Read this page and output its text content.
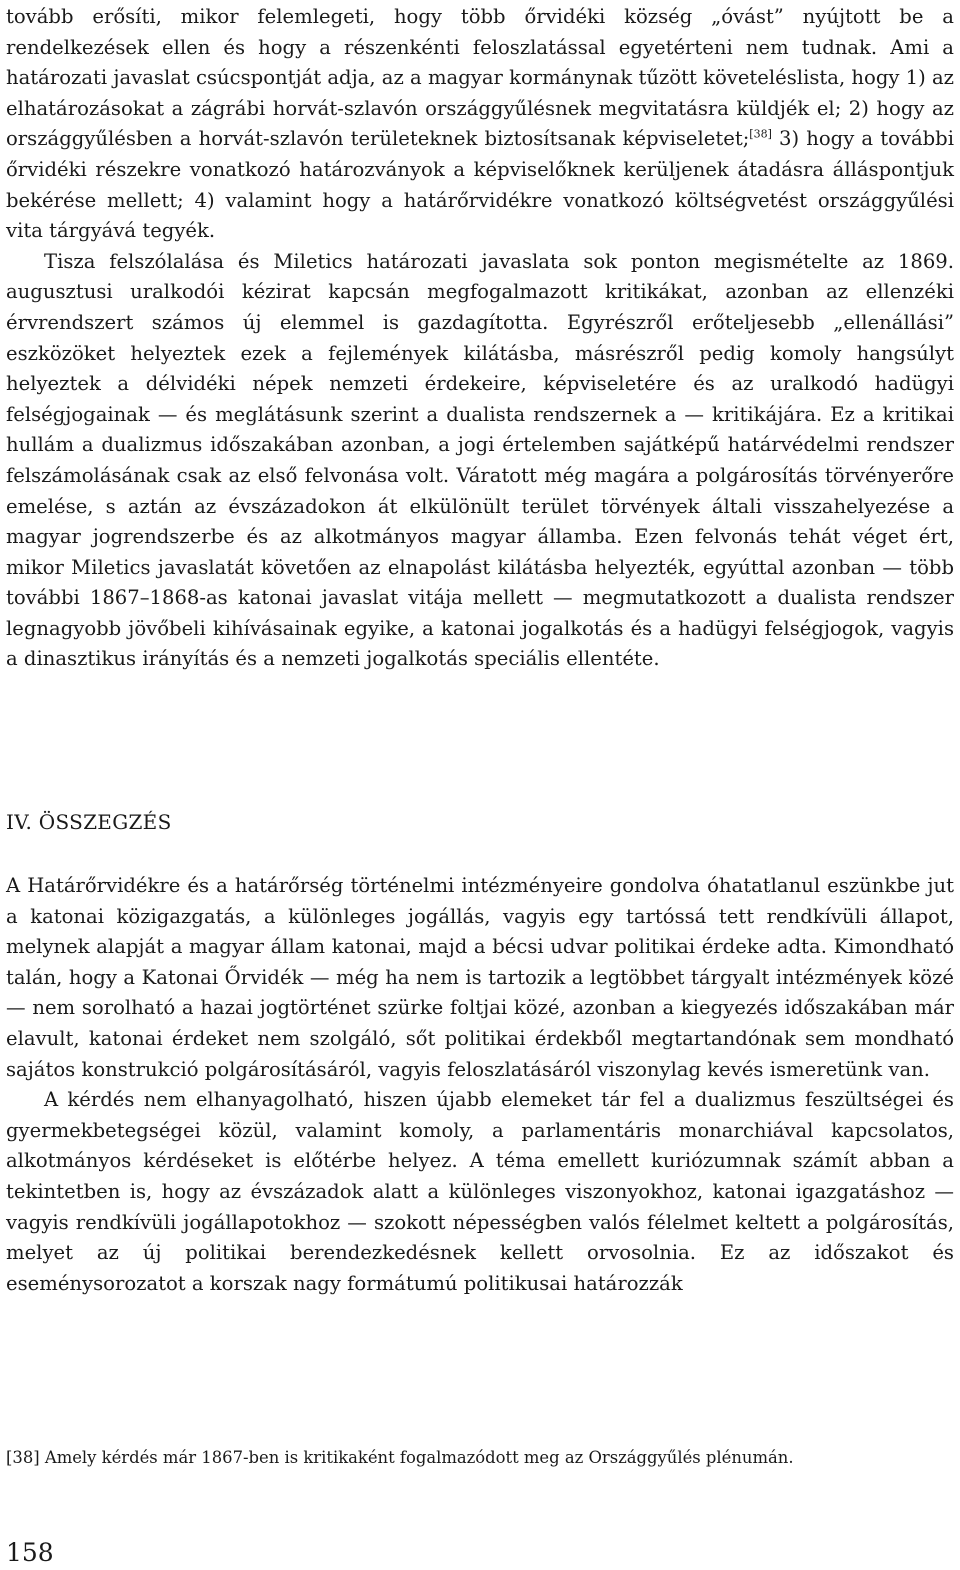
tovább erősíti, mikor felemlegeti, hogy több őrvidéki község „óvást” nyújtott be a rendelkezések ellen és hogy a részenkénti feloszlatással egyetérteni nem tudnak. Ami a határozati javaslat csúcspontját adja, az a magyar kormánynak tűzött követeléslista, hogy 1) az elhatározásokat a zágrábi horvát-szlavón országgyűlésnek megvitatásra küldjék el; 2) hogy az országgyűlésben a horvát-szlavón területeknek biztosítsanak képviseletet;[38] 3) hogy a további őrvidéki részekre vonatkozó határozványok a képviselőknek kerüljenek átadásra álláspontjuk bekérése mellett; 4) valamint hogy a határőrvidékre vonatkozó költségvetést országgyűlési vita tárgyává tegyék.

Tisza felszólalása és Miletics határozati javaslata sok ponton megismételte az 1869. augusztusi uralkodói kézirat kapcsán megfogalmazott kritikákat, azonban az ellenzéki érvrendszert számos új elemmel is gazdagította. Egyrészről erőteljesebb „ellenállási” eszközöket helyeztek ezek a fejlemények kilátásba, másrészről pedig komoly hangsúlyt helyeztek a délvidéki népek nemzeti érdekeire, képviseletére és az uralkodó hadügyi felségjogainak — és meglátásunk szerint a dualista rendszernek a — kritikájára. Ez a kritikai hullám a dualizmus időszakában azonban, a jogi értelemben sajátképű határvédelmi rendszer felszámolásának csak az első felvonása volt. Váratott még magára a polgárosítás törvényerőre emelése, s aztán az évszázadokon át elkülönült terület törvények általi visszahelyezése a magyar jogrendszerbe és az alkotmányos magyar államba. Ezen felvonás tehát véget ért, mikor Miletics javaslatát követően az elnapolást kilátásba helyezték, egyúttal azonban — több további 1867–1868-as katonai javaslat vitája mellett — megmutatkozott a dualista rendszer legnagyobb jövőbeli kihívásainak egyike, a katonai jogalkotás és a hadügyi felségjogok, vagyis a dinasztikus irányítás és a nemzeti jogalkotás speciális ellentéte.

IV. ÖSSZEGZÉS

A Határőrvidékre és a határőrség történelmi intézményeire gondolva óhatatlanul eszünkbe jut a katonai közigazgatás, a különleges jogállás, vagyis egy tartóssá tett rendkívüli állapot, melynek alapját a magyar állam katonai, majd a bécsi udvar politikai érdeke adta. Kimondható talán, hogy a Katonai Őrvidék — még ha nem is tartozik a legtöbbet tárgyalt intézmények közé — nem sorolható a hazai jogtörténet szürke foltjai közé, azonban a kiegyezés időszakában már elavult, katonai érdeket nem szolgáló, sőt politikai érdekből megtartandónak sem mondható sajátos konstrukció polgárosításáról, vagyis feloszlatásáról viszonylag kevés ismeretünk van.

A kérdés nem elhanyagolható, hiszen újabb elemeket tár fel a dualizmus feszültségei és gyermekbetegségei közül, valamint komoly, a parlamentáris monarchiával kapcsolatos, alkotmányos kérdéseket is előtérbe helyez. A téma emellett kuriózumnak számít abban a tekintetben is, hogy az évszázadok alatt a különleges viszonyokhoz, katonai igazgatáshoz — vagyis rendkívüli jogállapotokhoz — szokott népességben valós félelmet keltett a polgárosítás, melyet az új politikai berendezkedésnek kellett orvosolnia. Ez az időszakot és eseménysorozatot a korszak nagy formátumú politikusai határozzák

[38] Amely kérdés már 1867-ben is kritikaként fogalmazódott meg az Országgyűlés plénumán.

158
